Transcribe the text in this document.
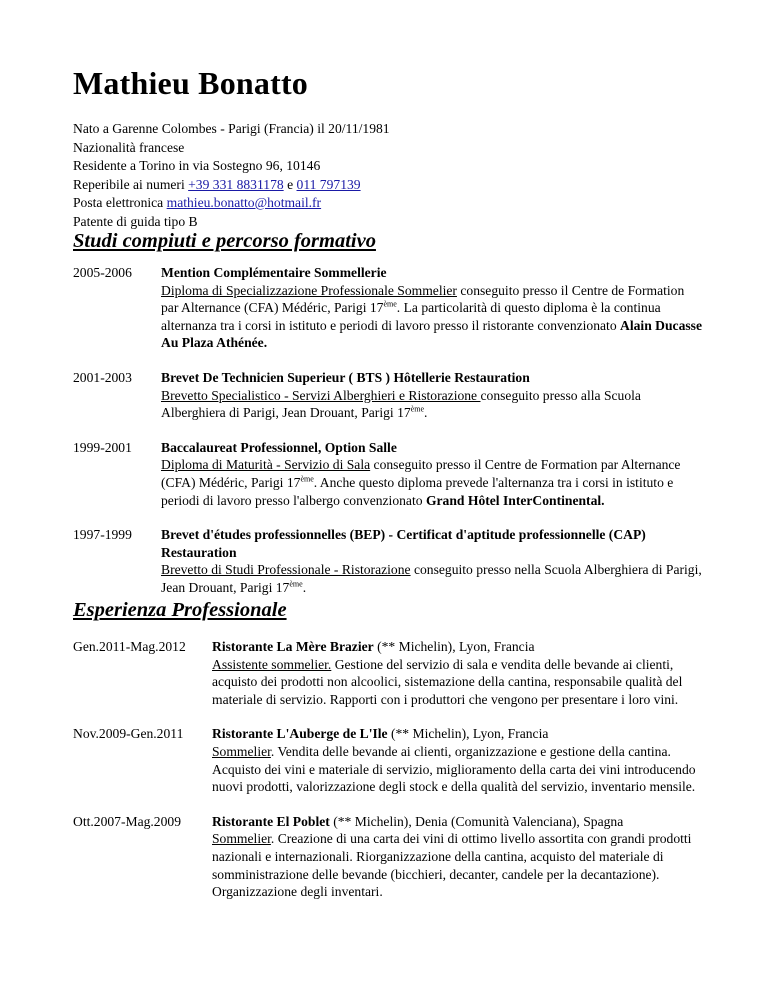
Mathieu Bonatto
Nato a Garenne Colombes - Parigi (Francia) il 20/11/1981
Nazionalità francese
Residente a Torino in via Sostegno 96, 10146
Reperibile ai numeri +39 331 8831178 e 011 797139
Posta elettronica mathieu.bonatto@hotmail.fr
Patente di guida tipo B
Studi compiuti e percorso formativo
2005-2006 Mention Complémentaire Sommellerie
Diploma di Specializzazione Professionale Sommelier conseguito presso il Centre de Formation par Alternance (CFA) Médéric, Parigi 17ème. La particolarità di questo diploma è la continua alternanza tra i corsi in istituto e periodi di lavoro presso il ristorante convenzionato Alain Ducasse Au Plaza Athénée.
2001-2003 Brevet De Technicien Superieur ( BTS ) Hôtellerie Restauration
Brevetto Specialistico - Servizi Alberghieri e Ristorazione conseguito presso alla Scuola Alberghiera di Parigi, Jean Drouant, Parigi 17ème.
1999-2001 Baccalaureat Professionnel, Option Salle
Diploma di Maturità - Servizio di Sala conseguito presso il Centre de Formation par Alternance (CFA) Médéric, Parigi 17ème. Anche questo diploma prevede l'alternanza tra i corsi in istituto e periodi di lavoro presso l'albergo convenzionato Grand Hôtel InterContinental.
1997-1999 Brevet d'études professionnelles (BEP) - Certificat d'aptitude professionnelle (CAP) Restauration
Brevetto di Studi Professionale - Ristorazione conseguito presso nella Scuola Alberghiera di Parigi, Jean Drouant, Parigi 17ème.
Esperienza Professionale
Gen.2011-Mag.2012 Ristorante La Mère Brazier (** Michelin), Lyon, Francia
Assistente sommelier. Gestione del servizio di sala e vendita delle bevande ai clienti, acquisto dei prodotti non alcoolici, sistemazione della cantina, responsabile qualità del materiale di servizio. Rapporti con i produttori che vengono per presentare i loro vini.
Nov.2009-Gen.2011 Ristorante L'Auberge de L'Ile (** Michelin), Lyon, Francia
Sommelier. Vendita delle bevande ai clienti, organizzazione e gestione della cantina. Acquisto dei vini e materiale di servizio, miglioramento della carta dei vini introducendo nuovi prodotti, valorizzazione degli stock e della qualità del servizio, inventario mensile.
Ott.2007-Mag.2009 Ristorante El Poblet (** Michelin), Denia (Comunità Valenciana), Spagna
Sommelier. Creazione di una carta dei vini di ottimo livello assortita con grandi prodotti nazionali e internazionali. Riorganizzazione della cantina, acquisto del materiale di somministrazione delle bevande (bicchieri, decanter, candele per la decantazione). Organizzazione degli inventari.
